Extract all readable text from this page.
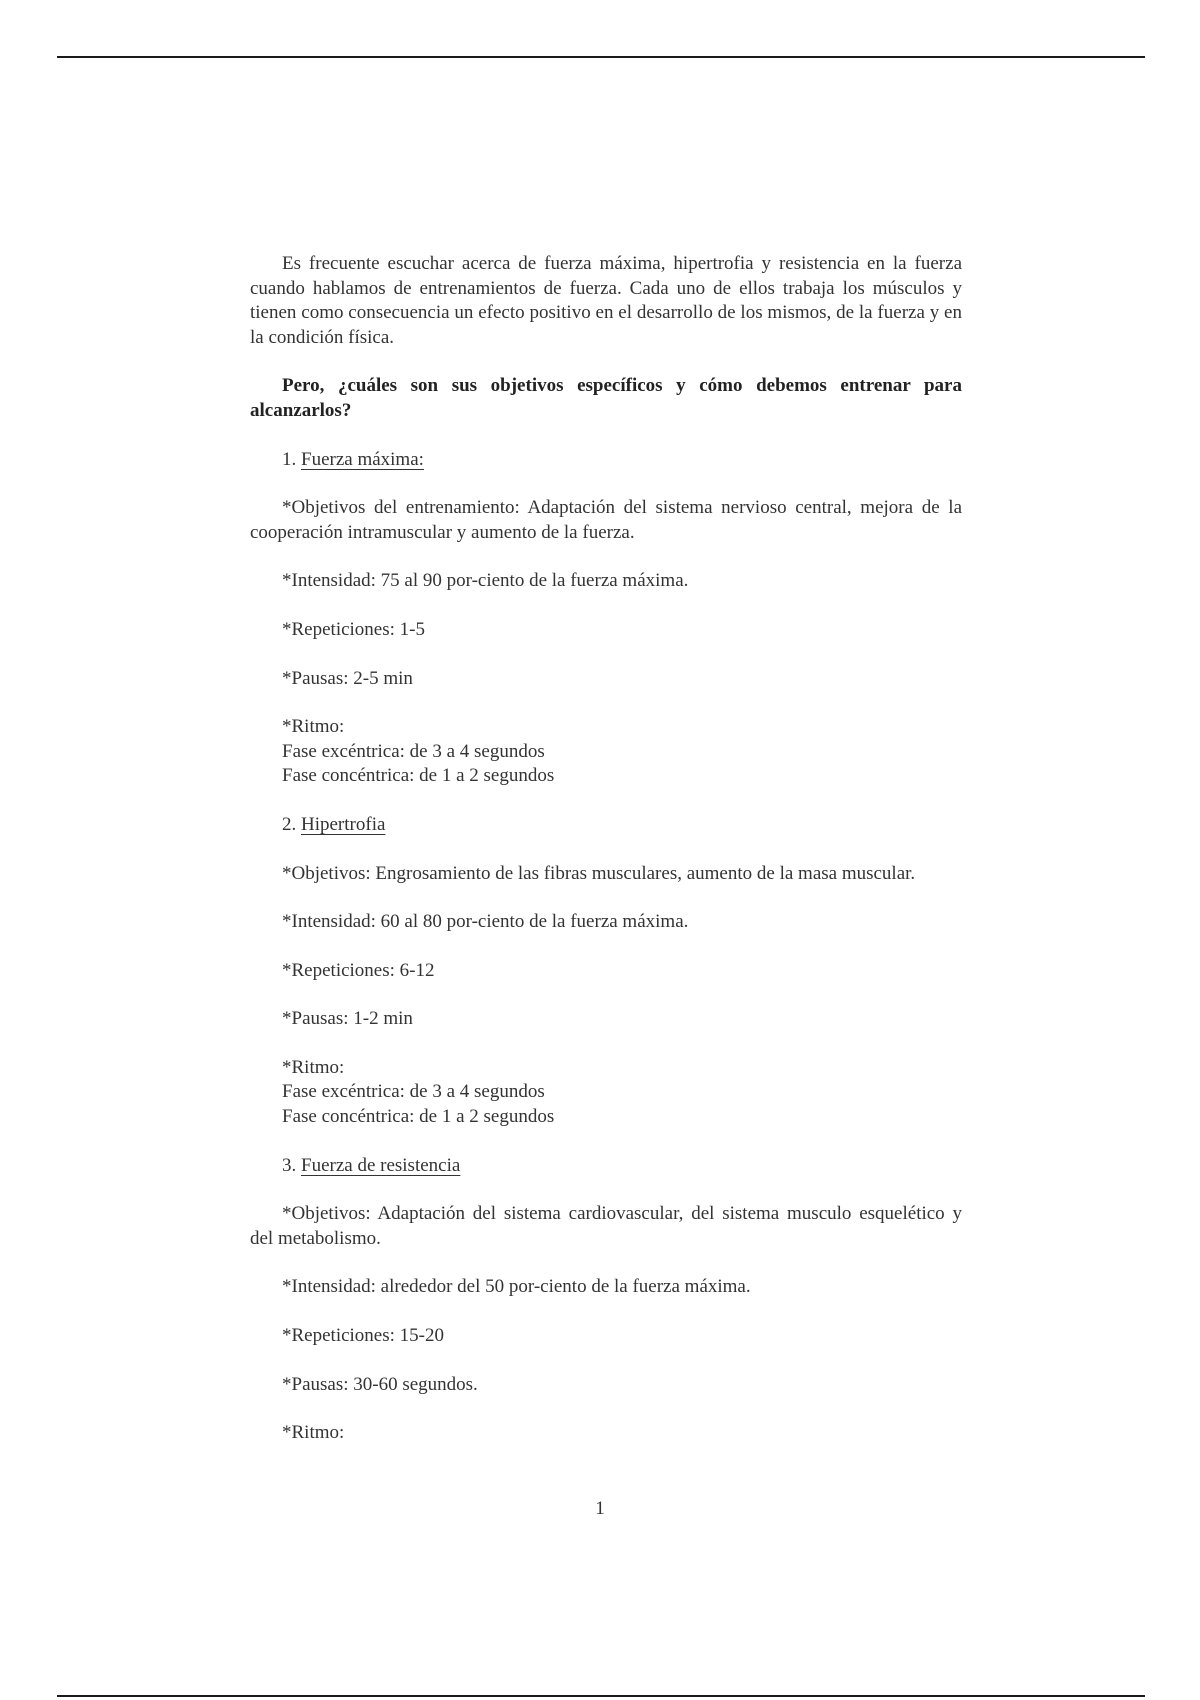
Es frecuente escuchar acerca de fuerza máxima, hipertrofia y resistencia en la fuerza cuando hablamos de entrenamientos de fuerza. Cada uno de ellos trabaja los músculos y tienen como consecuencia un efecto positivo en el desarrollo de los mismos, de la fuerza y en la condición física.

Pero, ¿cuáles son sus objetivos específicos y cómo debemos entrenar para alcanzarlos?

1. Fuerza máxima:

*Objetivos del entrenamiento: Adaptación del sistema nervioso central, mejora de la cooperación intramuscular y aumento de la fuerza.

*Intensidad: 75 al 90 por-ciento de la fuerza máxima.

*Repeticiones: 1-5

*Pausas: 2-5 min

*Ritmo:
Fase excéntrica: de 3 a 4 segundos
Fase concéntrica: de 1 a 2 segundos

2. Hipertrofia

*Objetivos: Engrosamiento de las fibras musculares, aumento de la masa muscular.

*Intensidad: 60 al 80 por-ciento de la fuerza máxima.

*Repeticiones: 6-12

*Pausas: 1-2 min

*Ritmo:
Fase excéntrica: de 3 a 4 segundos
Fase concéntrica: de 1 a 2 segundos

3. Fuerza de resistencia

*Objetivos: Adaptación del sistema cardiovascular, del sistema musculo esquelético y del metabolismo.

*Intensidad: alrededor del 50 por-ciento de la fuerza máxima.

*Repeticiones: 15-20

*Pausas: 30-60 segundos.

*Ritmo:
1
